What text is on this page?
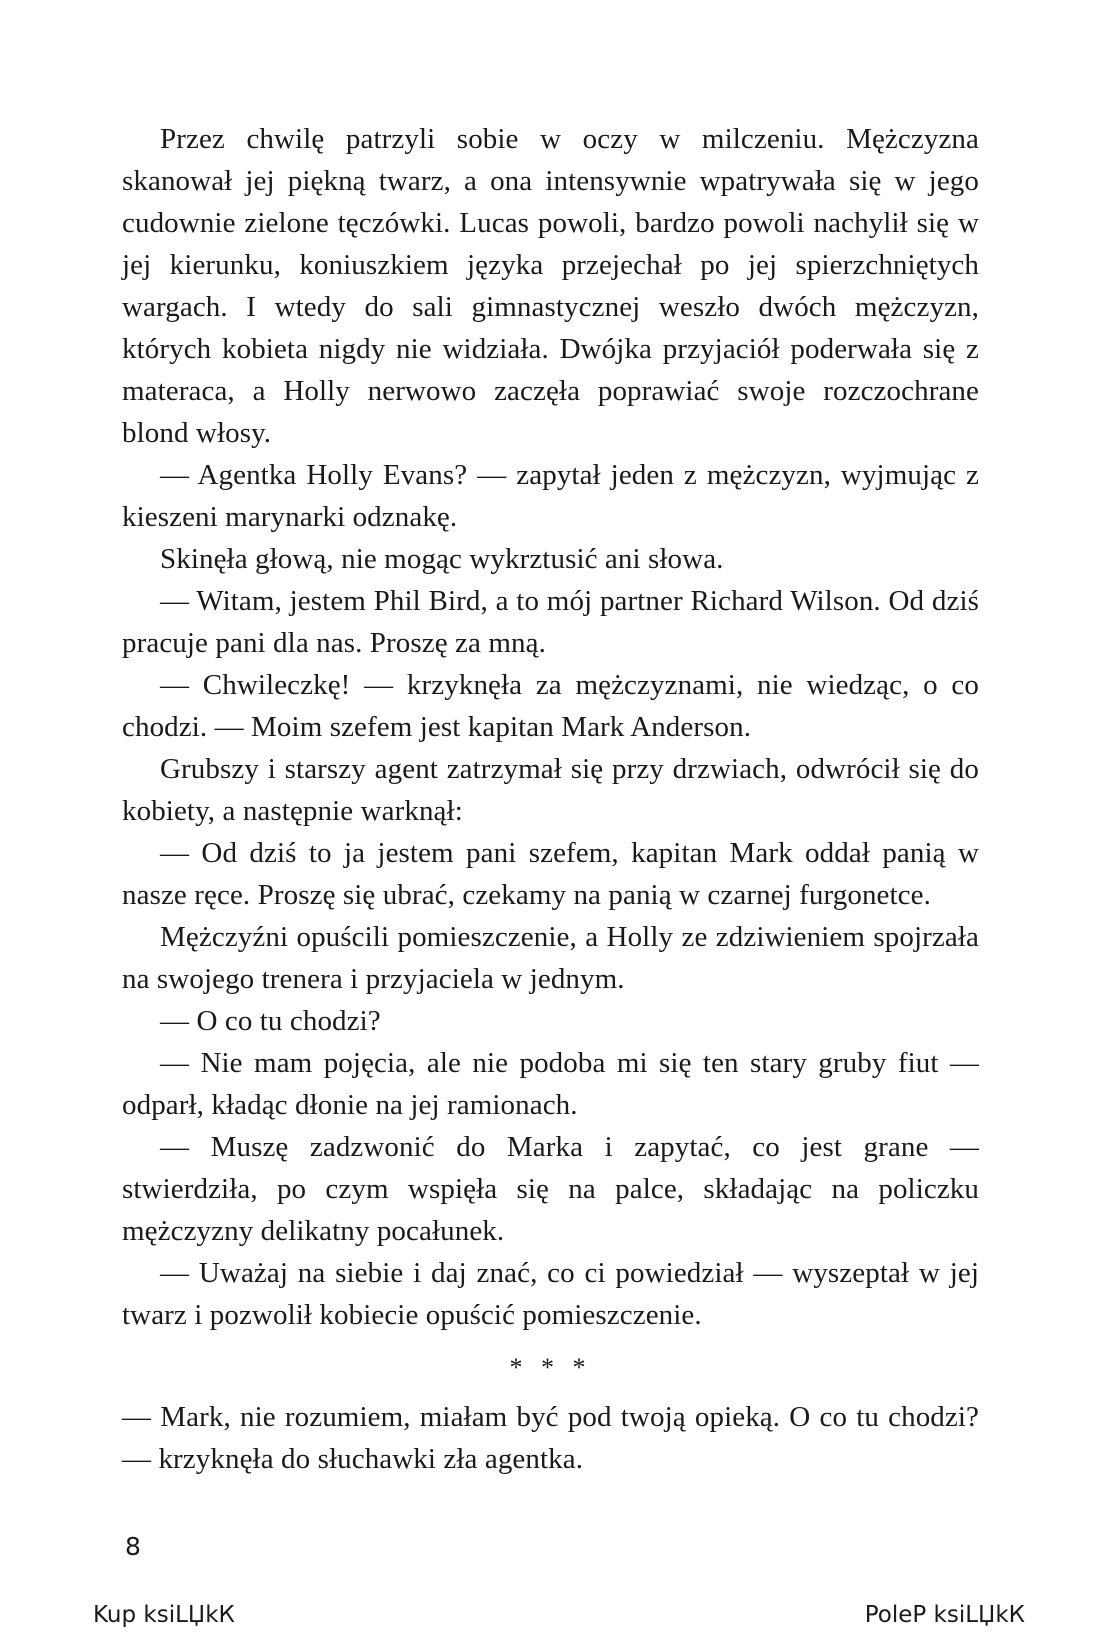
Przez chwilę patrzyli sobie w oczy w milczeniu. Mężczyzna skanował jej piękną twarz, a ona intensywnie wpatrywała się w jego cudownie zielone tęczówki. Lucas powoli, bardzo powoli nachylił się w jej kierunku, koniuszkiem języka przejechał po jej spierzchniętych wargach. I wtedy do sali gimnastycznej weszło dwóch mężczyzn, których kobieta nigdy nie widziała. Dwójka przyjaciół poderwała się z materaca, a Holly nerwowo zaczęła poprawiać swoje rozczochrane blond włosy.

— Agentka Holly Evans? — zapytał jeden z mężczyzn, wyjmując z kieszeni marynarki odznakę.

Skinęła głową, nie mogąc wykrztusić ani słowa.

— Witam, jestem Phil Bird, a to mój partner Richard Wilson. Od dziś pracuje pani dla nas. Proszę za mną.

— Chwileczkę! — krzyknęła za mężczyznami, nie wiedząc, o co chodzi. — Moim szefem jest kapitan Mark Anderson.

Grubszy i starszy agent zatrzymał się przy drzwiach, odwrócił się do kobiety, a następnie warknął:

— Od dziś to ja jestem pani szefem, kapitan Mark oddał panią w nasze ręce. Proszę się ubrać, czekamy na panią w czarnej furgonetce.

Mężczyźni opuścili pomieszczenie, a Holly ze zdziwieniem spojrzała na swojego trenera i przyjaciela w jednym.

— O co tu chodzi?

— Nie mam pojęcia, ale nie podoba mi się ten stary gruby fiut — odparł, kładąc dłonie na jej ramionach.

— Muszę zadzwonić do Marka i zapytać, co jest grane — stwierdziła, po czym wspięła się na palce, składając na policzku mężczyzny delikatny pocałunek.

— Uważaj na siebie i daj znać, co ci powiedział — wyszeptał w jej twarz i pozwolił kobiecie opuścić pomieszczenie.

* * *

— Mark, nie rozumiem, miałam być pod twoją opieką. O co tu chodzi? — krzyknęła do słuchawki zła agentka.

8
Kup ksiLЏkК	PoleР ksiLЏkК
